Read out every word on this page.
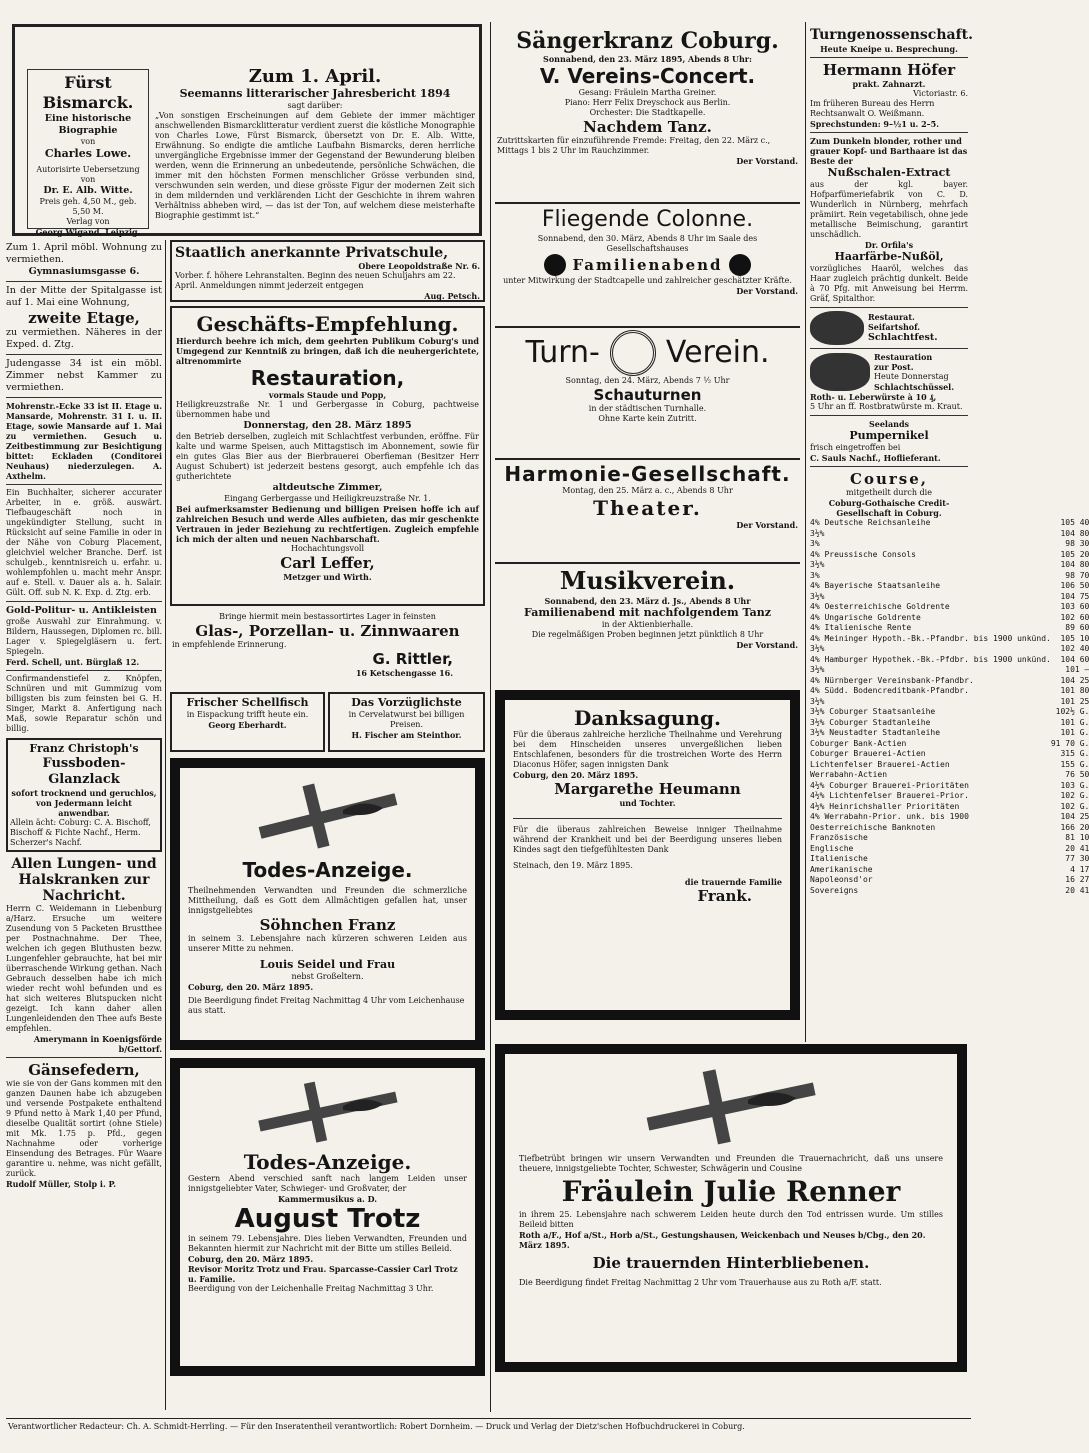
Fürst Bismarck.

Eine historische Biographie

von

Charles Lowe.

Autorisirte Uebersetzung

von

Dr. E. Alb. Witte.

Preis geh. 4,50 M., geb. 5,50 M.

Verlag von

Georg Wigand, Leipzig.

Zum 1. April.

Seemanns litterarischer Jahresbericht 1894

sagt darüber:

„Von sonstigen Erscheinungen auf dem Gebiete der immer mächtiger anschwellenden Bismarcklitteratur verdient zuerst die köstliche Monographie von Charles Lowe, Fürst Bismarck, übersetzt von Dr. E. Alb. Witte, Erwähnung. So endigte die amtliche Laufbahn Bismarcks, deren herrliche unvergängliche Ergebnisse immer der Gegenstand der Bewunderung bleiben werden, wenn die Erinnerung an unbedeutende, persönliche Schwächen, die immer mit den höchsten Formen menschlicher Grösse verbunden sind, verschwunden sein werden, und diese grösste Figur der modernen Zeit sich in dem mildernden und verklärenden Licht der Geschichte in ihrem wahren Verhältniss abheben wird, — das ist der Ton, auf welchem diese meisterhafte Biographie gestimmt ist.“

Zum 1. April möbl. Wohnung zu vermiethen.

Gymnasiumsgasse 6.

In der Mitte der Spitalgasse ist auf 1. Mai eine Wohnung,

zweite Etage,

zu vermiethen. Näheres in der Exped. d. Ztg.

Judengasse 34 ist ein möbl. Zimmer nebst Kammer zu vermiethen.

Mohrenstr.-Ecke 33 ist II. Etage u. Mansarde, Mohrenstr. 31 I. u. II. Etage, sowie Mansarde auf 1. Mai zu vermiethen. Gesuch u. Zeitbestimmung zur Besichtigung bittet: Eckladen (Conditorei Neuhaus) niederzulegen. A. Axthelm.

Ein Buchhalter, sicherer accurater Arbeiter, in e. größ. auswärt. Tiefbaugeschäft noch in ungekündigter Stellung, sucht in Rücksicht auf seine Familie in oder in der Nähe von Coburg Placement, gleichviel welcher Branche. Derf. ist schulgeb., kenntnisreich u. erfahr. u. wohlempfohlen u. macht mehr Anspr. auf e. Stell. v. Dauer als a. h. Salair. Gült. Off. sub N. K. Exp. d. Ztg. erb.

Gold-Politur- u. Antikleisten

große Auswahl zur Einrahmung. v. Bildern, Haussegen, Diplomen rc. bill. Lager v. Spiegelgläsern u. fert. Spiegeln.

Ferd. Schell, unt. Bürglaß 12.

Confirmandenstiefel z. Knöpfen, Schnüren und mit Gummizug vom billigsten bis zum feinsten bei G. H. Singer, Markt 8. Anfertigung nach Maß, sowie Reparatur schön und billig.

Franz Christoph's

Fussboden-Glanzlack

sofort trocknend und geruchlos, von Jedermann leicht anwendbar.

Allein ächt: Coburg: C. A. Bischoff, Bischoff & Fichte Nachf., Herm. Scherzer's Nachf.

Allen Lungen- und Halskranken zur Nachricht.

Herrn C. Weidemann in Liebenburg a/Harz. Ersuche um weitere Zusendung von 5 Packeten Brustthee per Postnachnahme. Der Thee, welchen ich gegen Bluthusten bezw. Lungenfehler gebrauchte, hat bei mir überraschende Wirkung gethan. Nach Gebrauch desselben habe ich mich wieder recht wohl befunden und es hat sich weiteres Blutspucken nicht gezeigt. Ich kann daher allen Lungenleidenden den Thee aufs Beste empfehlen.

Amerymann in Koenigsförde b/Gettorf.

Gänsefedern,

wie sie von der Gans kommen mit den ganzen Daunen habe ich abzugeben und versende Postpakete enthaltend 9 Pfund netto à Mark 1,40 per Pfund, dieselbe Qualität sortirt (ohne Stiele) mit Mk. 1.75 p. Pfd., gegen Nachnahme oder vorherige Einsendung des Betrages. Für Waare garantire u. nehme, was nicht gefällt, zurück.

Rudolf Müller, Stolp i. P.

Staatlich anerkannte Privatschule,

Obere Leopoldstraße Nr. 6.

Vorber. f. höhere Lehranstalten. Beginn des neuen Schuljahrs am 22. April. Anmeldungen nimmt jederzeit entgegen

Aug. Petsch.

Geschäfts-Empfehlung.

Hierdurch beehre ich mich, dem geehrten Publikum Coburg's und Umgegend zur Kenntniß zu bringen, daß ich die neuhergerichtete, altrenommirte

Restauration,

vormals Staude und Popp,

Heiligkreuzstraße Nr. 1 und Gerbergasse in Coburg, pachtweise übernommen habe und

Donnerstag, den 28. März 1895

den Betrieb derselben, zugleich mit Schlachtfest verbunden, eröffne. Für kalte und warme Speisen, auch Mittagstisch im Abonnement, sowie für ein gutes Glas Bier aus der Bierbrauerei Oberfieman (Besitzer Herr August Schubert) ist jederzeit bestens gesorgt, auch empfehle ich das gutherichtete

altdeutsche Zimmer,

Eingang Gerbergasse und Heiligkreuzstraße Nr. 1.

Bei aufmerksamster Bedienung und billigen Preisen hoffe ich auf zahlreichen Besuch und werde Alles aufbieten, das mir geschenkte Vertrauen in jeder Beziehung zu rechtfertigen. Zugleich empfehle ich mich der alten und neuen Nachbarschaft.

Hochachtungsvoll

Carl Leffer,

Metzger und Wirth.

Bringe hiermit mein bestassortirtes Lager in feinsten

Glas-, Porzellan- u. Zinnwaaren

in empfehlende Erinnerung.

G. Rittler,

16 Ketschengasse 16.

Frischer Schellfisch

in Eispackung trifft heute ein.

Georg Eberhardt.

Das Vorzüglichste

in Cervelatwurst bei billigen Preisen.

H. Fischer am Steinthor.

Todes-Anzeige.

Theilnehmenden Verwandten und Freunden die schmerzliche Mittheilung, daß es Gott dem Allmächtigen gefallen hat, unser innigstgeliebtes

Söhnchen Franz

in seinem 3. Lebensjahre nach kürzeren schweren Leiden aus unserer Mitte zu nehmen.

Louis Seidel und Frau

nebst Großeltern.

Coburg, den 20. März 1895.

Die Beerdigung findet Freitag Nachmittag 4 Uhr vom Leichenhause aus statt.

Todes-Anzeige.

Gestern Abend verschied sanft nach langem Leiden unser innigstgeliebter Vater, Schwieger- und Großvater, der

Kammermusikus a. D.

August Trotz

in seinem 79. Lebensjahre. Dies lieben Verwandten, Freunden und Bekannten hiermit zur Nachricht mit der Bitte um stilles Beileid.

Coburg, den 20. März 1895.

Revisor Moritz Trotz und Frau. Sparcasse-Cassier Carl Trotz u. Familie.

Beerdigung von der Leichenhalle Freitag Nachmittag 3 Uhr.

Sängerkranz Coburg.

Sonnabend, den 23. März 1895, Abends 8 Uhr:

V. Vereins-Concert.

Gesang: Fräulein Martha Greiner.

Piano: Herr Felix Dreyschock aus Berlin.

Orchester: Die Stadtkapelle.

Nachdem Tanz.

Zutrittskarten für einzuführende Fremde: Freitag, den 22. März c., Mittags 1 bis 2 Uhr im Rauchzimmer.

Der Vorstand.

Fliegende Colonne.

Sonnabend, den 30. März, Abends 8 Uhr im Saale des Gesellschaftshauses

Familienabend

unter Mitwirkung der Stadtcapelle und zahlreicher geschätzter Kräfte.

Der Vorstand.

Turn- Verein.

Sonntag, den 24. März, Abends 7 ½ Uhr

Schauturnen

in der städtischen Turnhalle.

Ohne Karte kein Zutritt.

Harmonie-Gesellschaft.

Montag, den 25. März a. c., Abends 8 Uhr

Theater.

Der Vorstand.

Musikverein.

Sonnabend, den 23. März d. Js., Abends 8 Uhr

Familienabend mit nachfolgendem Tanz

in der Aktienbierhalle.

Die regelmäßigen Proben beginnen jetzt pünktlich 8 Uhr

Der Vorstand.

Danksagung.

Für die überaus zahlreiche herzliche Theilnahme und Verehrung bei dem Hinscheiden unseres unvergeßlichen lieben Entschlafenen, besonders für die trostreichen Worte des Herrn Diaconus Höfer, sagen innigsten Dank

Coburg, den 20. März 1895.

Margarethe Heumann

und Tochter.

Für die überaus zahlreichen Beweise inniger Theilnahme während der Krankheit und bei der Beerdigung unseres lieben Kindes sagt den tiefgefühltesten Dank

Steinach, den 19. März 1895.

die trauernde Familie

Frank.

Tiefbetrübt bringen wir unsern Verwandten und Freunden die Trauernachricht, daß uns unsere theuere, innigstgeliebte Tochter, Schwester, Schwägerin und Cousine

Fräulein Julie Renner

in ihrem 25. Lebensjahre nach schwerem Leiden heute durch den Tod entrissen wurde. Um stilles Beileid bitten

Roth a/F., Hof a/St., Horb a/St., Gestungshausen, Weickenbach und Neuses b/Cbg., den 20. März 1895.

Die trauernden Hinterbliebenen.

Die Beerdigung findet Freitag Nachmittag 2 Uhr vom Trauerhause aus zu Roth a/F. statt.

Turngenossenschaft.

Heute Kneipe u. Besprechung.

Hermann Höfer

prakt. Zahnarzt.

Victoriastr. 6.

Im früheren Bureau des Herrn Rechtsanwalt O. Weißmann.

Sprechstunden: 9–½1 u. 2–5.

Zum Dunkeln blonder, rother und grauer Kopf- und Barthaare ist das Beste der

Nußschalen-Extract

aus der kgl. bayer. Hofparfümeriefabrik von C. D. Wunderlich in Nürnberg, mehrfach prämiirt. Rein vegetabilisch, ohne jede metallische Beimischung, garantirt unschädlich.

Dr. Orfila's

Haarfärbe-Nußöl,

vorzügliches Haaröl, welches das Haar zugleich prächtig dunkelt. Beide à 70 Pfg. mit Anweisung bei Herrm. Gräf, Spitalthor.

Restaurat.

Seifartshof.

Schlachtfest.

Restauration

zur Post.

Heute Donnerstag

Schlachtschüssel.

Roth- u. Leberwürste à 10 ₰,

5 Uhr an ff. Rostbratwürste m. Kraut.

Seelands

Pumpernikel

frisch eingetroffen bei

C. Sauls Nachf., Hoflieferant.

Course,

mitgetheilt durch die

Coburg-Gothaische Credit-Gesellschaft in Coburg.

4% Deutsche Reichsanleihe	105 40
3½%	104 80
3%	98 30
4% Preussische Consols	105 20
3½%	104 80
3%	98 70
4% Bayerische Staatsanleihe	106 50
3½%	104 75
4% Oesterreichische Goldrente	103 60
4% Ungarische Goldrente	102 60
4% Italienische Rente	89 60

4% Meininger Hypoth.-Bk.-Pfandbr. bis 1900 unkünd.	105 10
3½%	102 40
4% Hamburger Hypothek.-Bk.-Pfdbr. bis 1900 unkünd.	104 60
3½%	101 —
4% Nürnberger Vereinsbank-Pfandbr.	104 25
4% Südd. Bodencreditbank-Pfandbr.	101 80
3½%	101 25

3½% Coburger Staatsanleihe	102½ G.
3½% Coburger Stadtanleihe	101 G.
3½% Neustadter Stadtanleihe	101 G.
Coburger Bank-Actien	91 70 G.
Coburger Brauerei-Actien	315 G.
Lichtenfelser Brauerei-Actien	155 G.
Werrabahn-Actien	76 50
4½% Coburger Brauerei-Prioritäten	103 G.
4½% Lichtenfelser Brauerei-Prior.	102 G.
4½% Heinrichshaller Prioritäten	102 G.
4% Werrabahn-Prior. unk. bis 1900	104 25

Oesterreichische Banknoten	166 20
Französische	81 10
Englische	20 41
Italienische	77 30
Amerikanische	4 17
Napoleonsd'or	16 27
Sovereigns	20 41

Verantwortlicher Redacteur: Ch. A. Schmidt-Herrling. — Für den Inseratentheil verantwortlich: Robert Dornheim. — Druck und Verlag der Dietz'schen Hofbuchdruckerei in Coburg.
